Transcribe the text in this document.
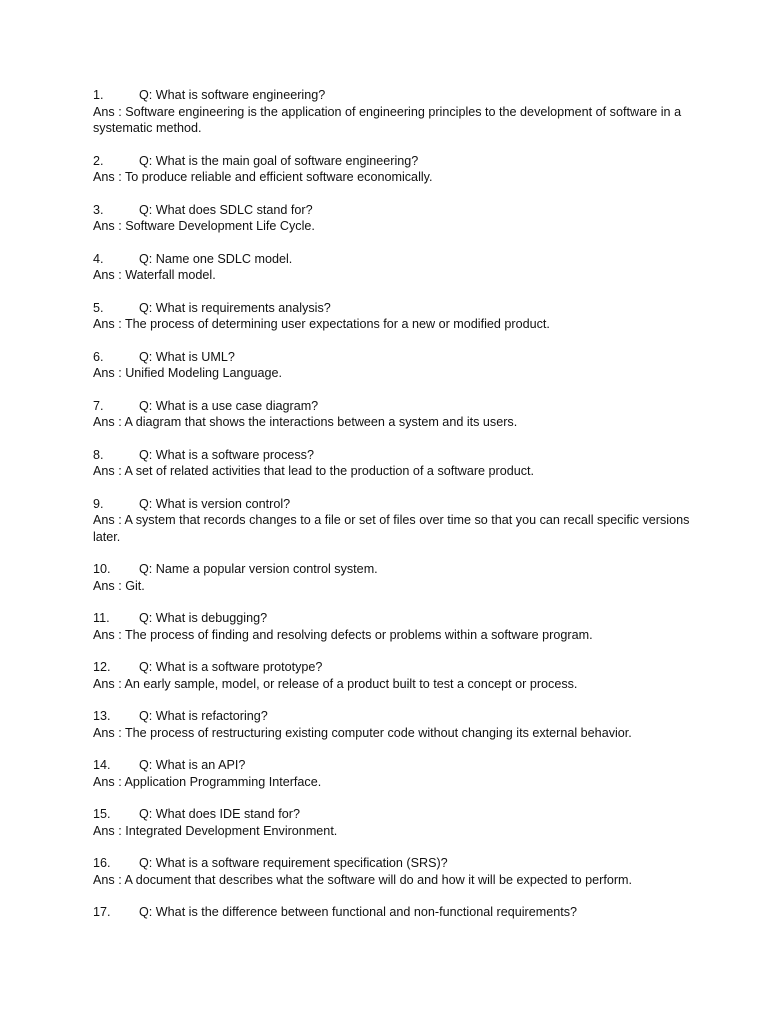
1.	Q: What is software engineering?
Ans : Software engineering is the application of engineering principles to the development of software in a systematic method.
2.	Q: What is the main goal of software engineering?
Ans : To produce reliable and efficient software economically.
3.	Q: What does SDLC stand for?
Ans : Software Development Life Cycle.
4.	Q: Name one SDLC model.
Ans : Waterfall model.
5.	Q: What is requirements analysis?
Ans : The process of determining user expectations for a new or modified product.
6.	Q: What is UML?
Ans : Unified Modeling Language.
7.	Q: What is a use case diagram?
Ans : A diagram that shows the interactions between a system and its users.
8.	Q: What is a software process?
Ans : A set of related activities that lead to the production of a software product.
9.	Q: What is version control?
Ans : A system that records changes to a file or set of files over time so that you can recall specific versions later.
10.	Q: Name a popular version control system.
Ans : Git.
11.	Q: What is debugging?
Ans : The process of finding and resolving defects or problems within a software program.
12.	Q: What is a software prototype?
Ans : An early sample, model, or release of a product built to test a concept or process.
13.	Q: What is refactoring?
Ans : The process of restructuring existing computer code without changing its external behavior.
14.	Q: What is an API?
Ans : Application Programming Interface.
15.	Q: What does IDE stand for?
Ans : Integrated Development Environment.
16.	Q: What is a software requirement specification (SRS)?
Ans : A document that describes what the software will do and how it will be expected to perform.
17.	Q: What is the difference between functional and non-functional requirements?
